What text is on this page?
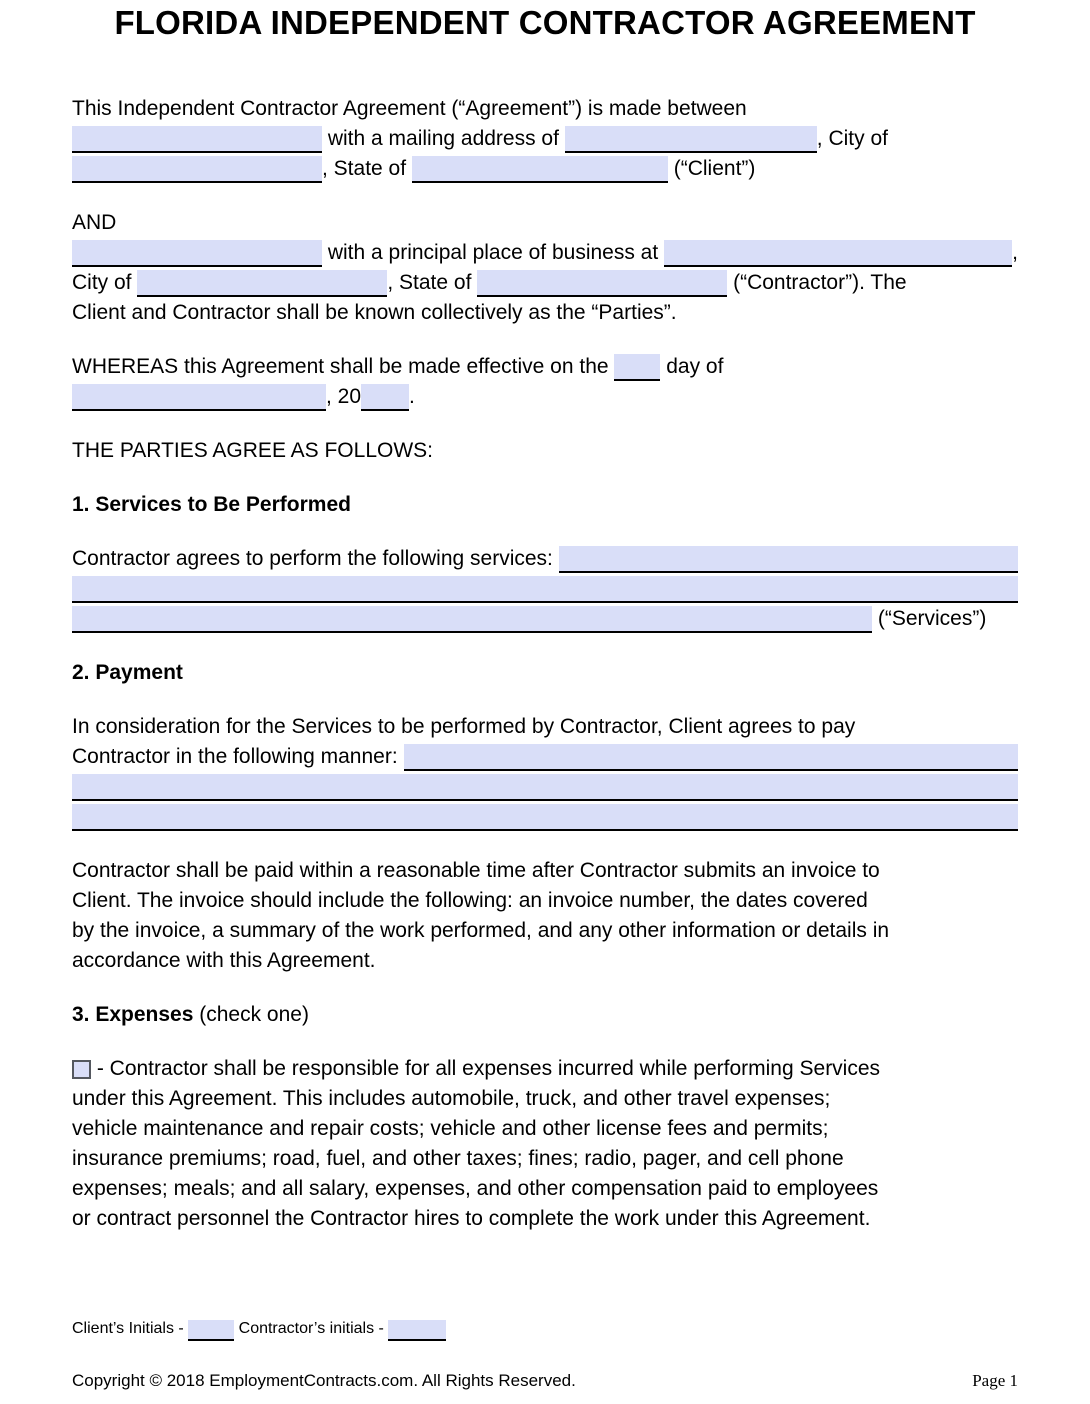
FLORIDA INDEPENDENT CONTRACTOR AGREEMENT
This Independent Contractor Agreement (“Agreement”) is made between
with a mailing address of	, City of
, State of	(“Client”)
AND
with a principal place of business at	,
City of	, State of	(“Contractor”). The
Client and Contractor shall be known collectively as the “Parties”.
WHEREAS this Agreement shall be made effective on the day of
, 20 .
THE PARTIES AGREE AS FOLLOWS:
1. Services to Be Performed
Contractor agrees to perform the following services:
(“Services”)
2. Payment
In consideration for the Services to be performed by Contractor, Client agrees to pay
Contractor in the following manner:
Contractor shall be paid within a reasonable time after Contractor submits an invoice to
Client. The invoice should include the following: an invoice number, the dates covered
by the invoice, a summary of the work performed, and any other information or details in
accordance with this Agreement.
3. Expenses (check one)
- Contractor shall be responsible for all expenses incurred while performing Services
under this Agreement. This includes automobile, truck, and other travel expenses;
vehicle maintenance and repair costs; vehicle and other license fees and permits;
insurance premiums; road, fuel, and other taxes; fines; radio, pager, and cell phone
expenses; meals; and all salary, expenses, and other compensation paid to employees
or contract personnel the Contractor hires to complete the work under this Agreement.
Client’s Initials -	Contractor’s initials -
Copyright © 2018 EmploymentContracts.com. All Rights Reserved.	Page 1
